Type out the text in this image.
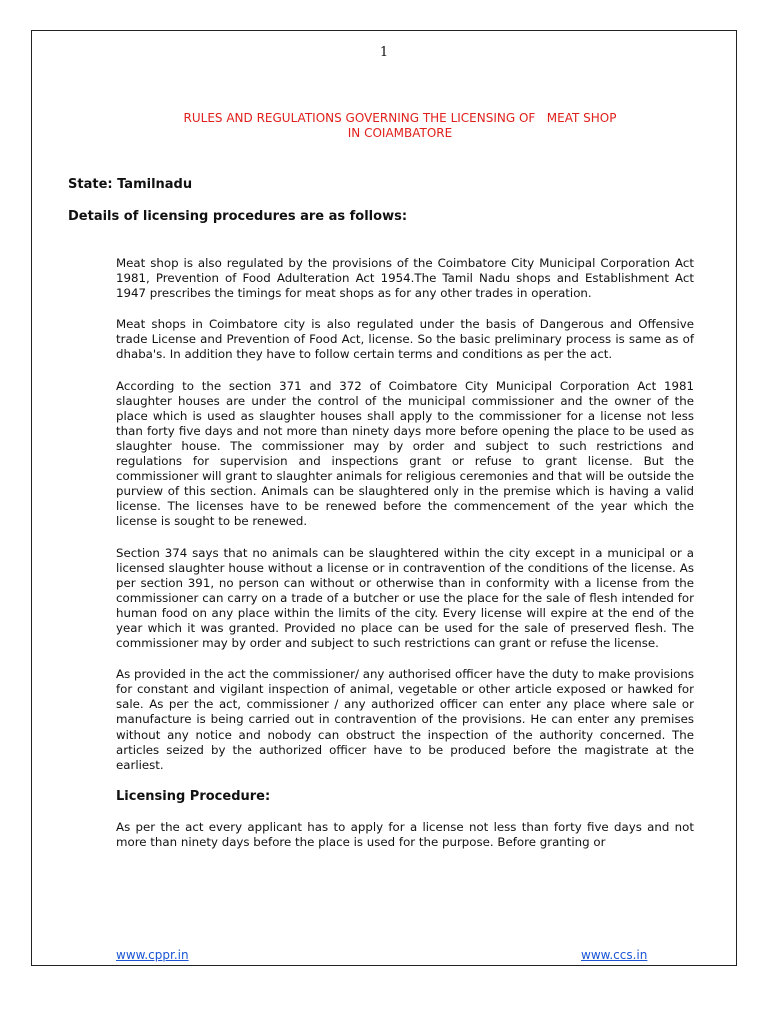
1
RULES AND REGULATIONS GOVERNING THE LICENSING OF   MEAT SHOP
IN COIAMBATORE
State: Tamilnadu
Details of licensing procedures are as follows:

Meat shop is also regulated by the provisions of the Coimbatore City Municipal Corporation Act 1981, Prevention of Food Adulteration Act 1954.The Tamil Nadu shops and Establishment Act 1947 prescribes the timings for meat shops as for any other trades in operation.

Meat shops in Coimbatore city is also regulated under the basis of Dangerous and Offensive trade License and Prevention of Food Act, license. So the basic preliminary process is same as of dhaba's. In addition they have to follow certain terms and conditions as per the act.

According to the section 371 and 372 of Coimbatore City Municipal Corporation Act 1981 slaughter houses are under the control of the municipal commissioner and the owner of the place which is used as slaughter houses shall apply to the commissioner for a license not less than forty five days and not more than ninety days more before opening the place to be used as slaughter house. The commissioner may by order and subject to such restrictions and regulations for supervision and inspections grant or refuse to grant license. But the commissioner will grant to slaughter animals for religious ceremonies and that will be outside the purview of this section. Animals can be slaughtered only in the premise which is having a valid license. The licenses have to be renewed before the commencement of the year which the license is sought to be renewed.

Section 374 says that no animals can be slaughtered within the city except in a municipal or a licensed slaughter house without a license or in contravention of the conditions of the license. As per section 391, no person can without or otherwise than in conformity with a license from the commissioner can carry on a trade of a butcher or use the place for the sale of flesh intended for human food on any place within the limits of the city. Every license will expire at the end of the year which it was granted. Provided no place can be used for the sale of preserved flesh. The commissioner may by order and subject to such restrictions can grant or refuse the license.

As provided in the act the commissioner/ any authorised officer have the duty to make provisions for constant and vigilant inspection of animal, vegetable or other article exposed or hawked for sale. As per the act, commissioner / any authorized officer can enter any place where sale or manufacture is being carried out in contravention of the provisions. He can enter any premises without any notice and nobody can obstruct the inspection of the authority concerned. The articles seized by the authorized officer have to be produced before the magistrate at the earliest.

Licensing Procedure:

As per the act every applicant has to apply for a license not less than forty five days and not more than ninety days before the place is used for the purpose. Before granting or

www.cppr.in	www.ccs.in
